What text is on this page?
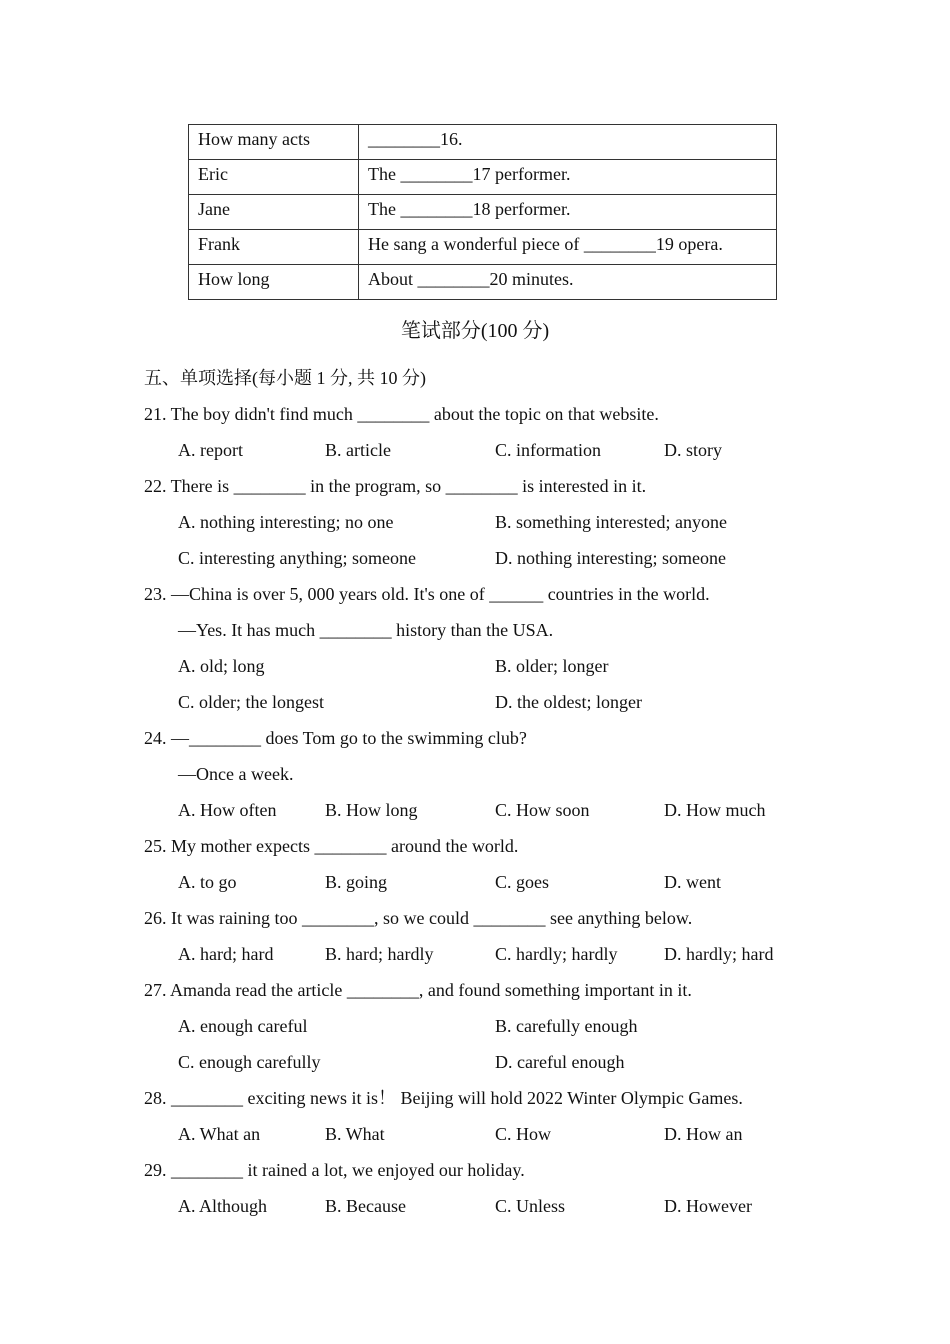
How many acts	________16.
Eric	The ________17 performer.
Jane	The ________18 performer.
Frank	He sang a wonderful piece of ________19 opera.
How long	About ________20 minutes.
笔试部分(100 分)
五、单项选择(每小题 1 分, 共 10 分)
21. The boy didn't find much ________ about the topic on that website.
A. report	B. article	C. information	D. story
22. There is ________ in the program, so ________ is interested in it.
A. nothing interesting; no one	B. something interested; anyone
C. interesting anything; someone	D. nothing interesting; someone
23. —China is over 5, 000 years old. It's one of ______ countries in the world.
—Yes. It has much ________ history than the USA.
A. old; long	B. older; longer
C. older; the longest	D. the oldest; longer
24. —________ does Tom go to the swimming club?
—Once a week.
A. How often	B. How long	C. How soon	D. How much
25. My mother expects ________ around the world.
A. to go	B. going	C. goes	D. went
26. It was raining too ________, so we could ________ see anything below.
A. hard; hard	B. hard; hardly	C. hardly; hardly	D. hardly; hard
27. Amanda read the article ________, and found something important in it.
A. enough careful	B. carefully enough
C. enough carefully	D. careful enough
28. ________ exciting news it is！ Beijing will hold 2022 Winter Olympic Games.
A. What an	B. What	C. How	D. How an
29. ________ it rained a lot, we enjoyed our holiday.
A. Although	B. Because	C. Unless	D. However
